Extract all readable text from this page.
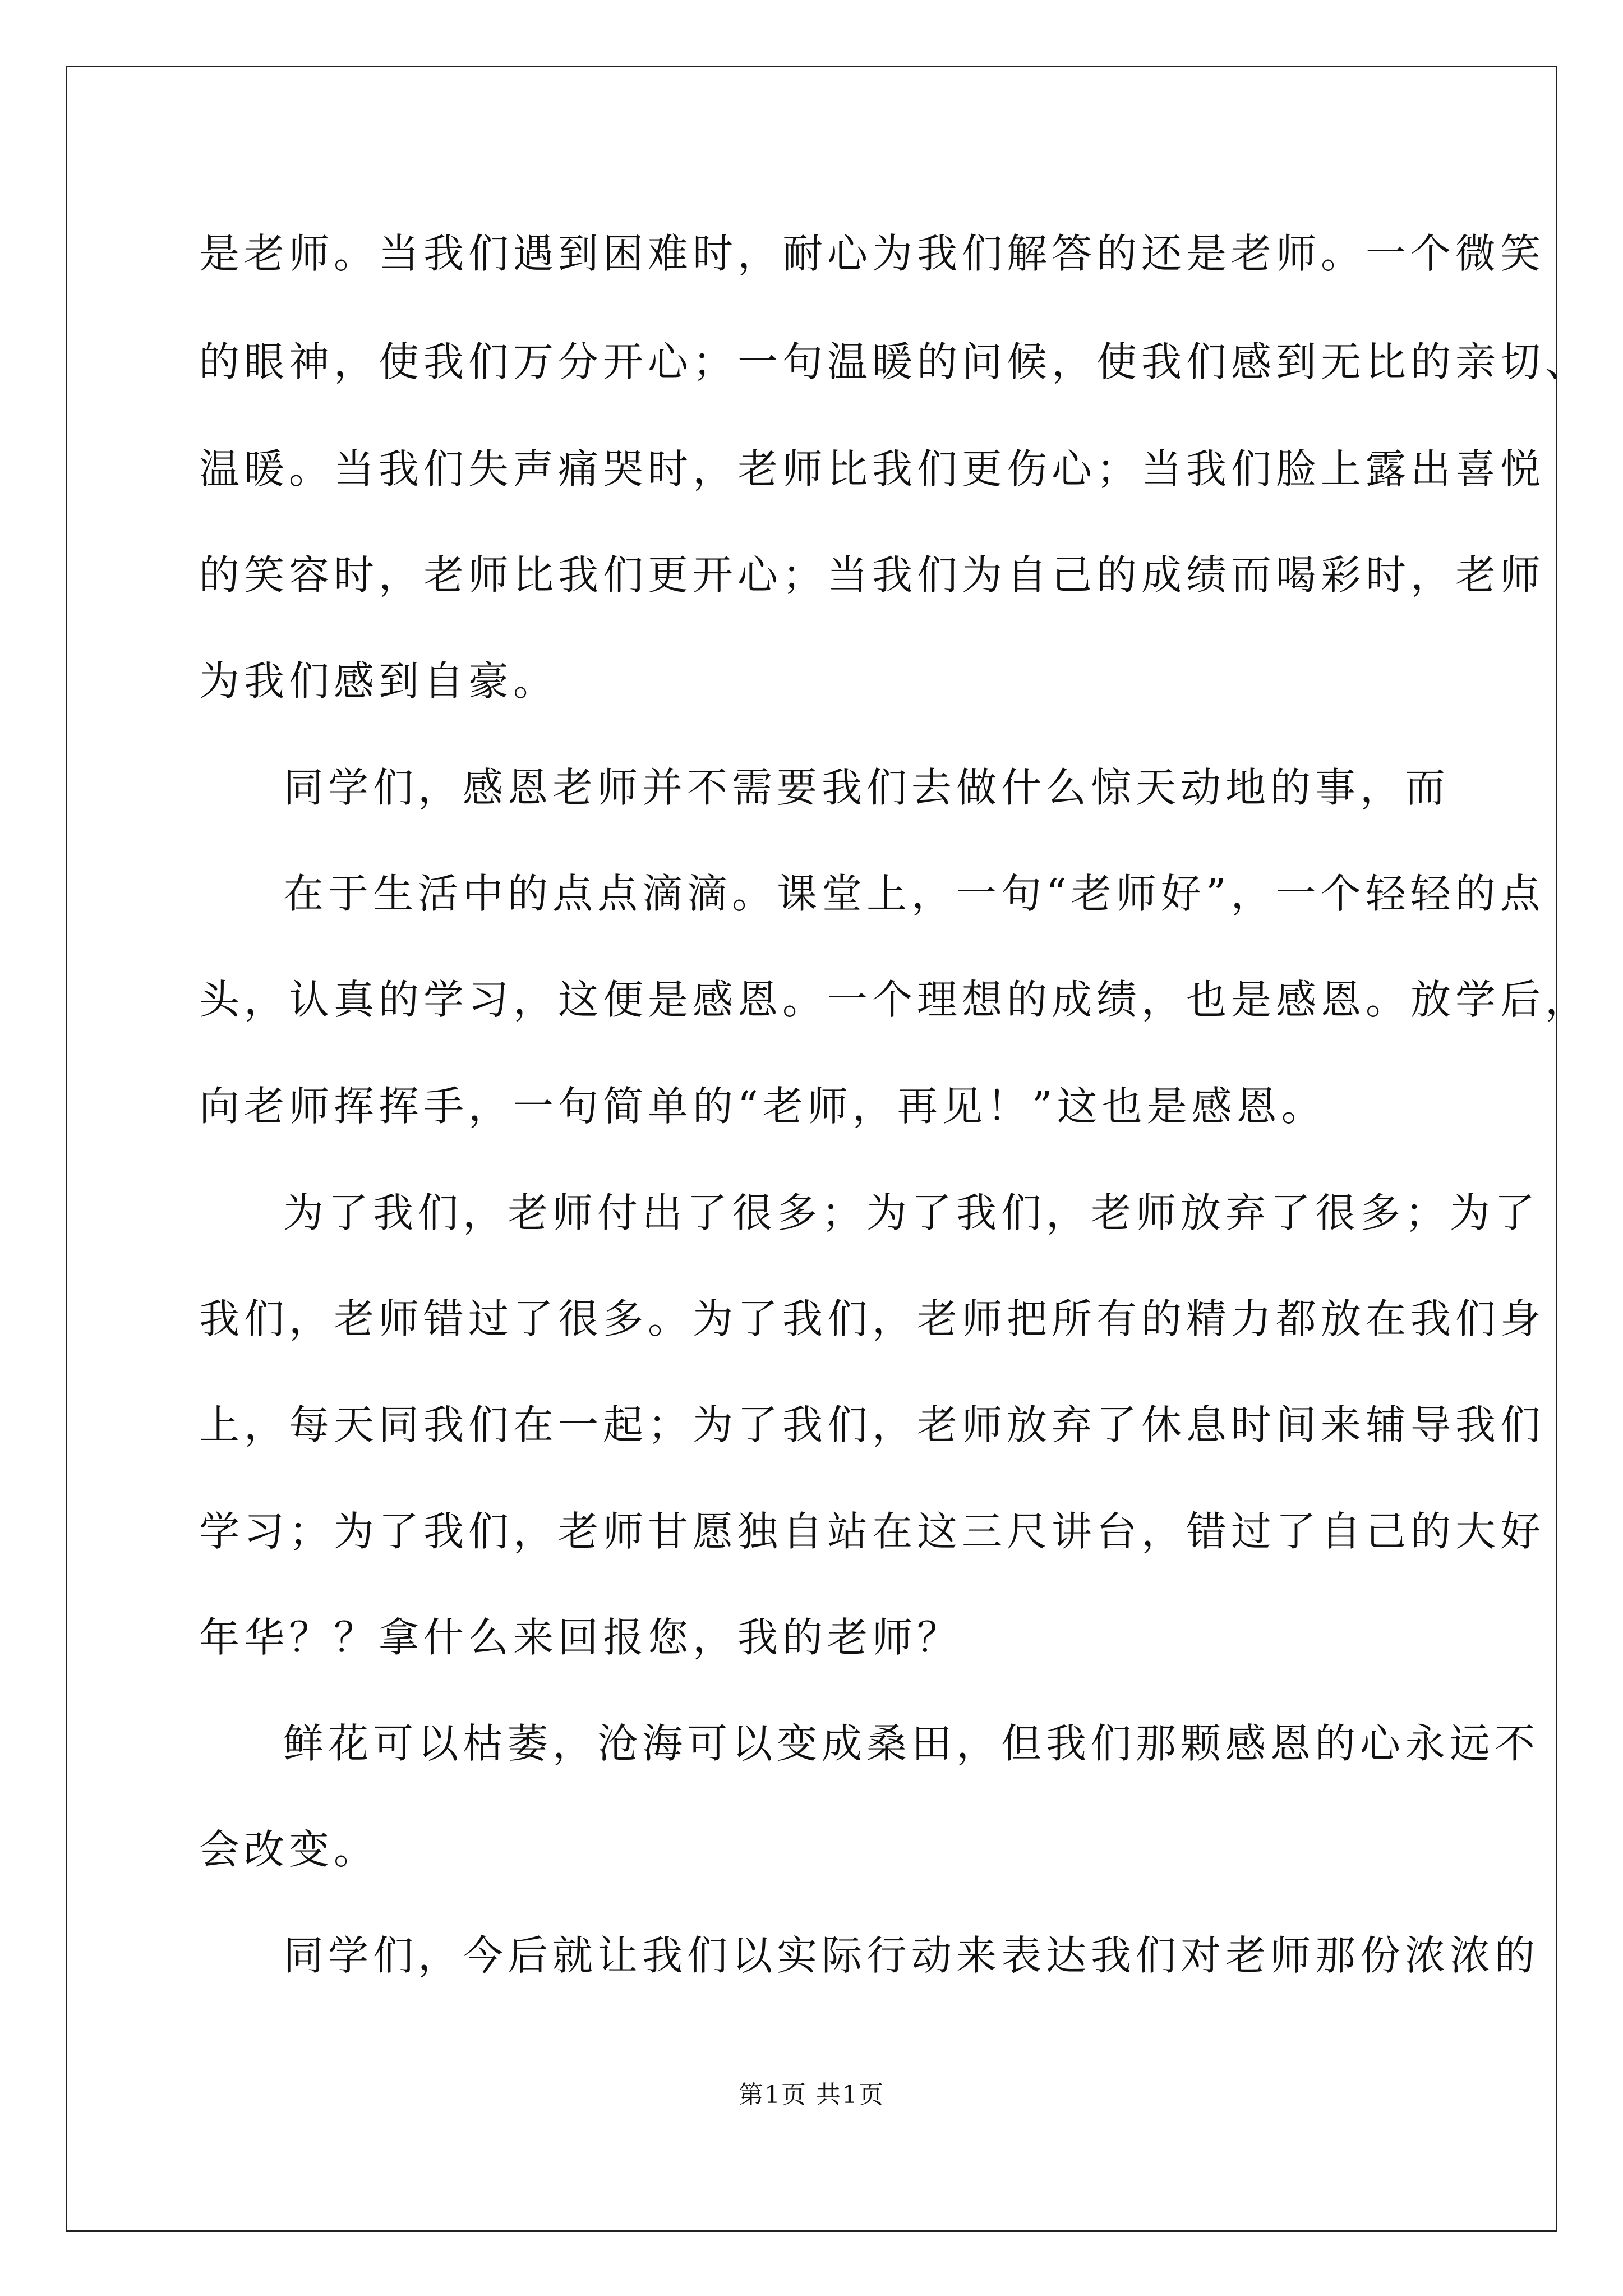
是老师。当我们遇到困难时，耐心为我们解答的还是老师。一个微笑
的眼神，使我们万分开心；一句温暖的问候，使我们感到无比的亲切、
温暖。当我们失声痛哭时，老师比我们更伤心；当我们脸上露出喜悦
的笑容时，老师比我们更开心；当我们为自己的成绩而喝彩时，老师
为我们感到自豪。
同学们，感恩老师并不需要我们去做什么惊天动地的事，而
在于生活中的点点滴滴。课堂上，一句“老师好”，一个轻轻的点
头，认真的学习，这便是感恩。一个理想的成绩，也是感恩。放学后，
向老师挥挥手，一句简单的“老师，再见！”这也是感恩。
为了我们，老师付出了很多；为了我们，老师放弃了很多；为了
我们，老师错过了很多。为了我们，老师把所有的精力都放在我们身
上，每天同我们在一起；为了我们，老师放弃了休息时间来辅导我们
学习；为了我们，老师甘愿独自站在这三尺讲台，错过了自己的大好
年华？？拿什么来回报您，我的老师？
鲜花可以枯萎，沧海可以变成桑田，但我们那颗感恩的心永远不
会改变。
同学们，今后就让我们以实际行动来表达我们对老师那份浓浓的
第1页 共1页
